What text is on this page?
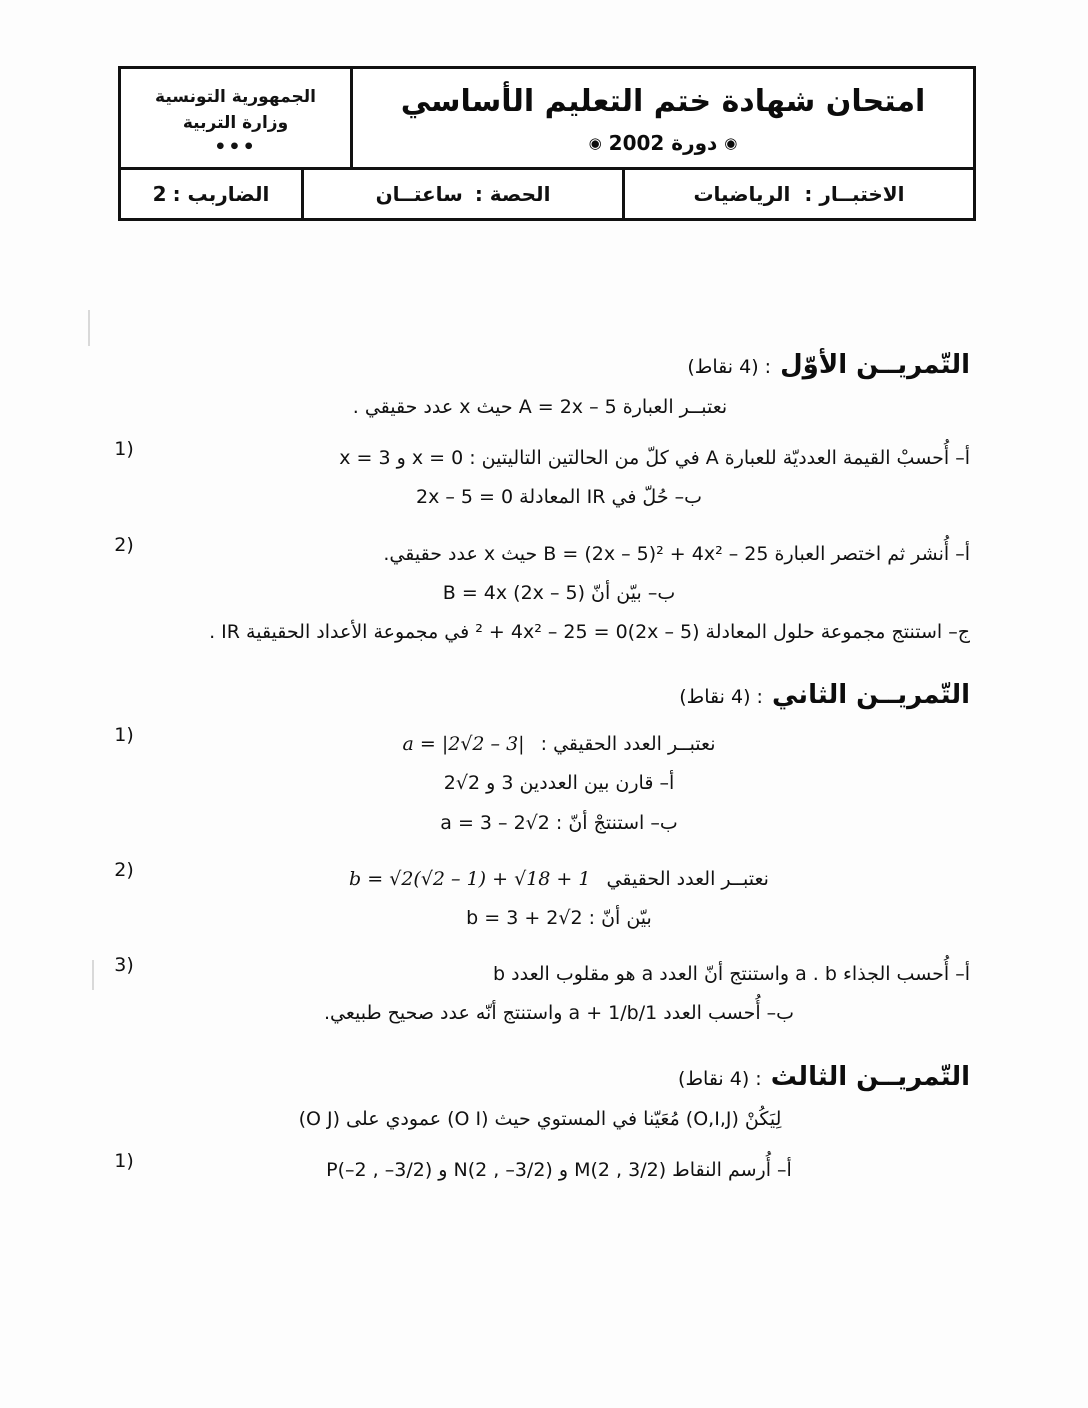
امتحان شهادة ختم التعليم الأساسي
◉ دورة 2002 ◉
الجمهورية التونسية
وزارة التربية
•••
الاختبــار :
الرياضيات
الحصة :
ساعتــان
الضاربب :
2
التّمريــن الأوّل : (4 نقاط)
نعتبــر العبارة A = 2x – 5 حيث x عدد حقيقي .
أ– أُحسبْ القيمة العدديّة للعبارة A في كلّ من الحالتين التاليتين : x = 0 و x = 3
ب– حُلّ في IR المعادلة 2x – 5 = 0
(1
أ– أُنشر ثم اختصر العبارة B = (2x – 5)² + 4x² – 25 حيث x عدد حقيقي.
ب– بيّن أنّ B = 4x (2x – 5)
ج– استنتج مجموعة حلول المعادلة (2x – 5)² + 4x² – 25 = 0 في مجموعة الأعداد الحقيقية IR .
(2
التّمريــن الثاني : (4 نقاط)
نعتبــر العدد الحقيقي : a = |2√2 – 3|
أ– قارن بين العددين 3 و 2√2
ب– استنتجْ أنّ : a = 3 – 2√2
(1
نعتبــر العدد الحقيقي b = √2(√2 – 1) + √18 + 1
بيّن أنّ : b = 3 + 2√2
(2
أ– أُحسب الجذاء a . b واستنتج أنّ العدد a هو مقلوب العدد b
ب– أُحسب العدد 1/a + 1/b واستنتج أنّه عدد صحيح طبيعي.
(3
التّمريــن الثالث : (4 نقاط)
لِيَكُنْ (O,I,J) مُعَيّنا في المستوي حيث (O I) عمودي على (O J)
أ– أُرسم النقاط M(2 , 3/2) و N(2 , –3/2) و P(–2 , –3/2)
(1
